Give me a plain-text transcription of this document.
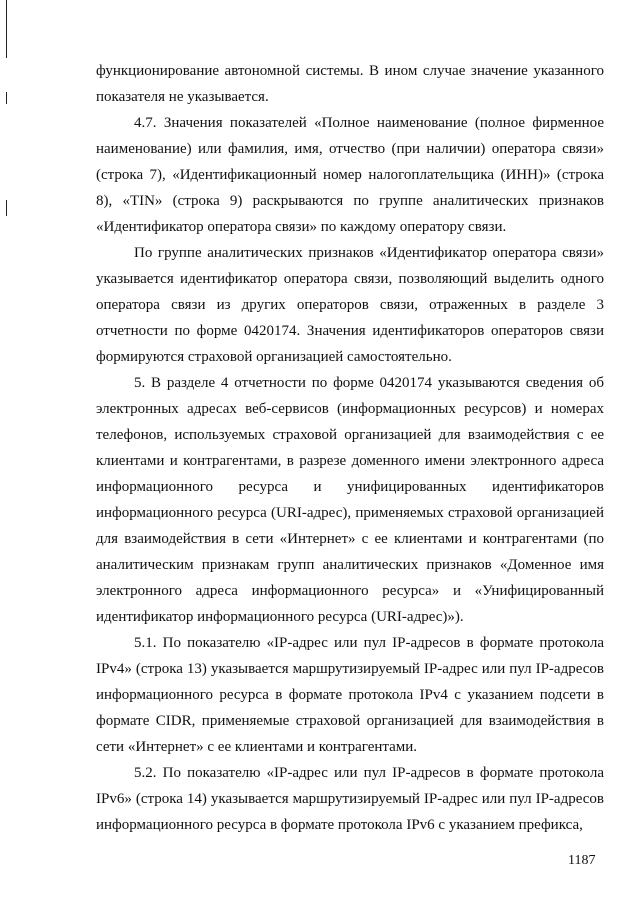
функционирование автономной системы. В ином случае значение указанного показателя не указывается.

4.7. Значения показателей «Полное наименование (полное фирменное наименование) или фамилия, имя, отчество (при наличии) оператора связи» (строка 7), «Идентификационный номер налогоплательщика (ИНН)» (строка 8), «TIN» (строка 9) раскрываются по группе аналитических признаков «Идентификатор оператора связи» по каждому оператору связи.

По группе аналитических признаков «Идентификатор оператора связи» указывается идентификатор оператора связи, позволяющий выделить одного оператора связи из других операторов связи, отраженных в разделе 3 отчетности по форме 0420174. Значения идентификаторов операторов связи формируются страховой организацией самостоятельно.

5. В разделе 4 отчетности по форме 0420174 указываются сведения об электронных адресах веб-сервисов (информационных ресурсов) и номерах телефонов, используемых страховой организацией для взаимодействия с ее клиентами и контрагентами, в разрезе доменного имени электронного адреса информационного ресурса и унифицированных идентификаторов информационного ресурса (URI-адрес), применяемых страховой организацией для взаимодействия в сети «Интернет» с ее клиентами и контрагентами (по аналитическим признакам групп аналитических признаков «Доменное имя электронного адреса информационного ресурса» и «Унифицированный идентификатор информационного ресурса (URI-адрес)»).

5.1. По показателю «IP-адрес или пул IP-адресов в формате протокола IPv4» (строка 13) указывается маршрутизируемый IP-адрес или пул IP-адресов информационного ресурса в формате протокола IPv4 с указанием подсети в формате CIDR, применяемые страховой организацией для взаимодействия в сети «Интернет» с ее клиентами и контрагентами.

5.2. По показателю «IP-адрес или пул IP-адресов в формате протокола IPv6» (строка 14) указывается маршрутизируемый IP-адрес или пул IP-адресов информационного ресурса в формате протокола IPv6 с указанием префикса,

1187
